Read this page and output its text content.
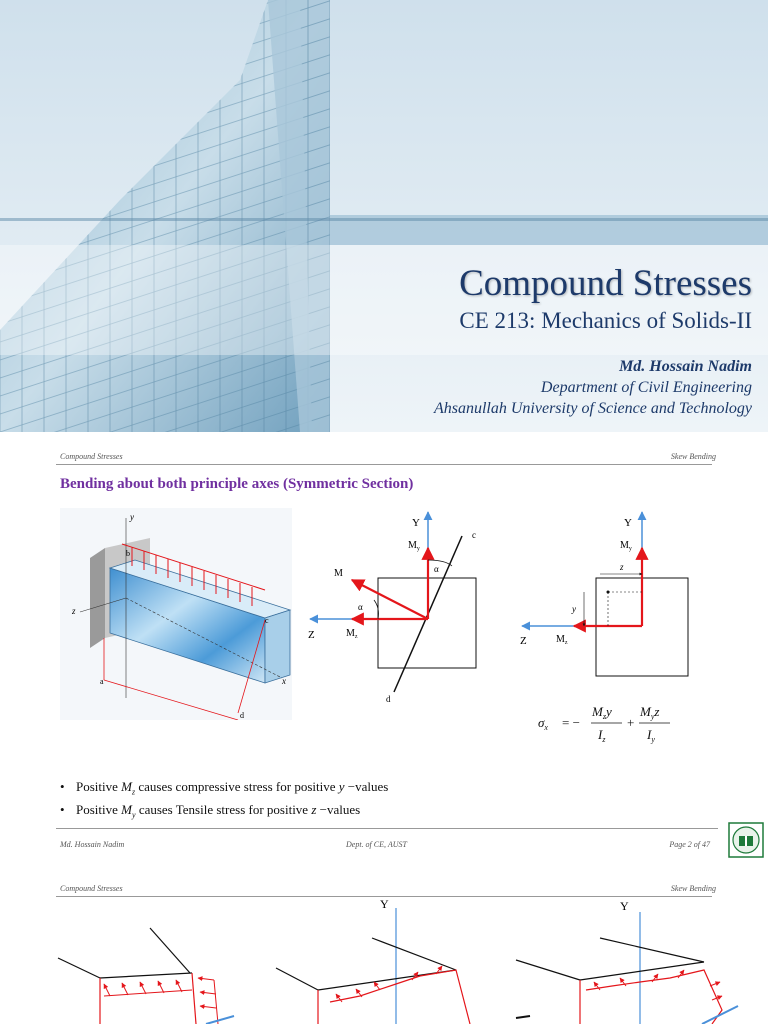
Compound Stresses
CE 213: Mechanics of Solids-II
Md. Hossain Nadim
Department of Civil Engineering
Ahsanullah University of Science and Technology
Compound Stresses	Skew Bending
Bending about both principle axes (Symmetric Section)
y
z
x
b
a
c
d
Y
$M_y$
M	α
α
Z	$M_z$
c
d
Y
$M_y$
z
y
Z	$M_z$
$\sigma_x$ = −
$M_zy$
$I_z$
+
$M_yz$
$I_y$
• Positive $M_z$ causes compressive stress for positive y −values
• Positive $M_y$ causes Tensile stress for positive z −values
Md. Hossain Nadim	Dept. of CE, AUST	Page 2 of 47
Compound Stresses	Skew Bending
Y	Y
